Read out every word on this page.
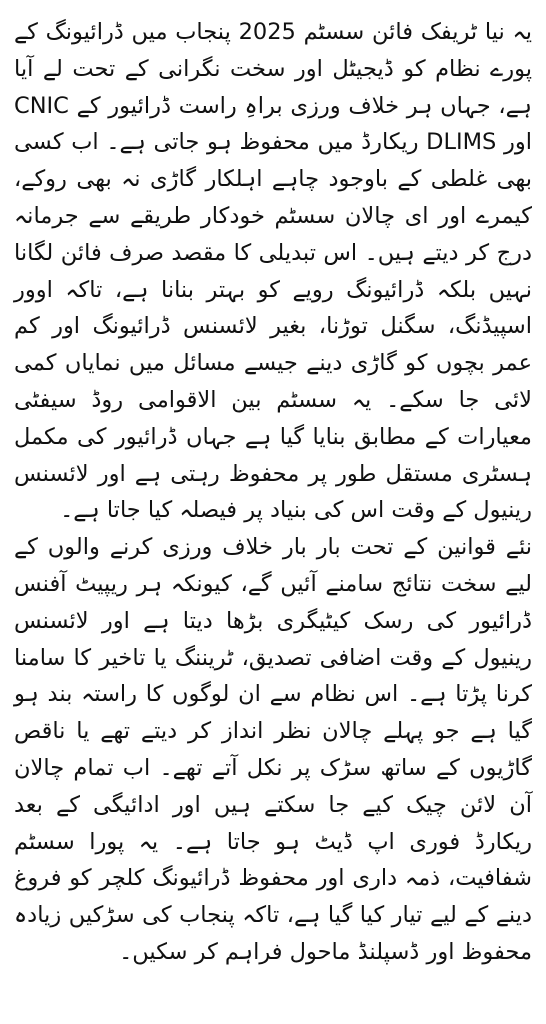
یہ نیا ٹریفک فائن سسٹم 2025 پنجاب میں ڈرائیونگ کے پورے نظام کو ڈیجیٹل اور سخت نگرانی کے تحت لے آیا ہے، جہاں ہر خلاف ورزی براہِ راست ڈرائیور کے CNIC اور DLIMS ریکارڈ میں محفوظ ہو جاتی ہے۔ اب کسی بھی غلطی کے باوجود چاہے اہلکار گاڑی نہ بھی روکے، کیمرے اور ای چالان سسٹم خودکار طریقے سے جرمانہ درج کر دیتے ہیں۔ اس تبدیلی کا مقصد صرف فائن لگانا نہیں بلکہ ڈرائیونگ رویے کو بہتر بنانا ہے، تاکہ اوور اسپیڈنگ، سگنل توڑنا، بغیر لائسنس ڈرائیونگ اور کم عمر بچوں کو گاڑی دینے جیسے مسائل میں نمایاں کمی لائی جا سکے۔ یہ سسٹم بین الاقوامی روڈ سیفٹی معیارات کے مطابق بنایا گیا ہے جہاں ڈرائیور کی مکمل ہسٹری مستقل طور پر محفوظ رہتی ہے اور لائسنس رینیول کے وقت اس کی بنیاد پر فیصلہ کیا جاتا ہے۔

نئے قوانین کے تحت بار بار خلاف ورزی کرنے والوں کے لیے سخت نتائج سامنے آئیں گے، کیونکہ ہر ریپیٹ آفنس ڈرائیور کی رسک کیٹیگری بڑھا دیتا ہے اور لائسنس رینیول کے وقت اضافی تصدیق، ٹریننگ یا تاخیر کا سامنا کرنا پڑتا ہے۔ اس نظام سے ان لوگوں کا راستہ بند ہو گیا ہے جو پہلے چالان نظر انداز کر دیتے تھے یا ناقص گاڑیوں کے ساتھ سڑک پر نکل آتے تھے۔ اب تمام چالان آن لائن چیک کیے جا سکتے ہیں اور ادائیگی کے بعد ریکارڈ فوری اپ ڈیٹ ہو جاتا ہے۔ یہ پورا سسٹم شفافیت، ذمہ داری اور محفوظ ڈرائیونگ کلچر کو فروغ دینے کے لیے تیار کیا گیا ہے، تاکہ پنجاب کی سڑکیں زیادہ محفوظ اور ڈسپلنڈ ماحول فراہم کر سکیں۔
